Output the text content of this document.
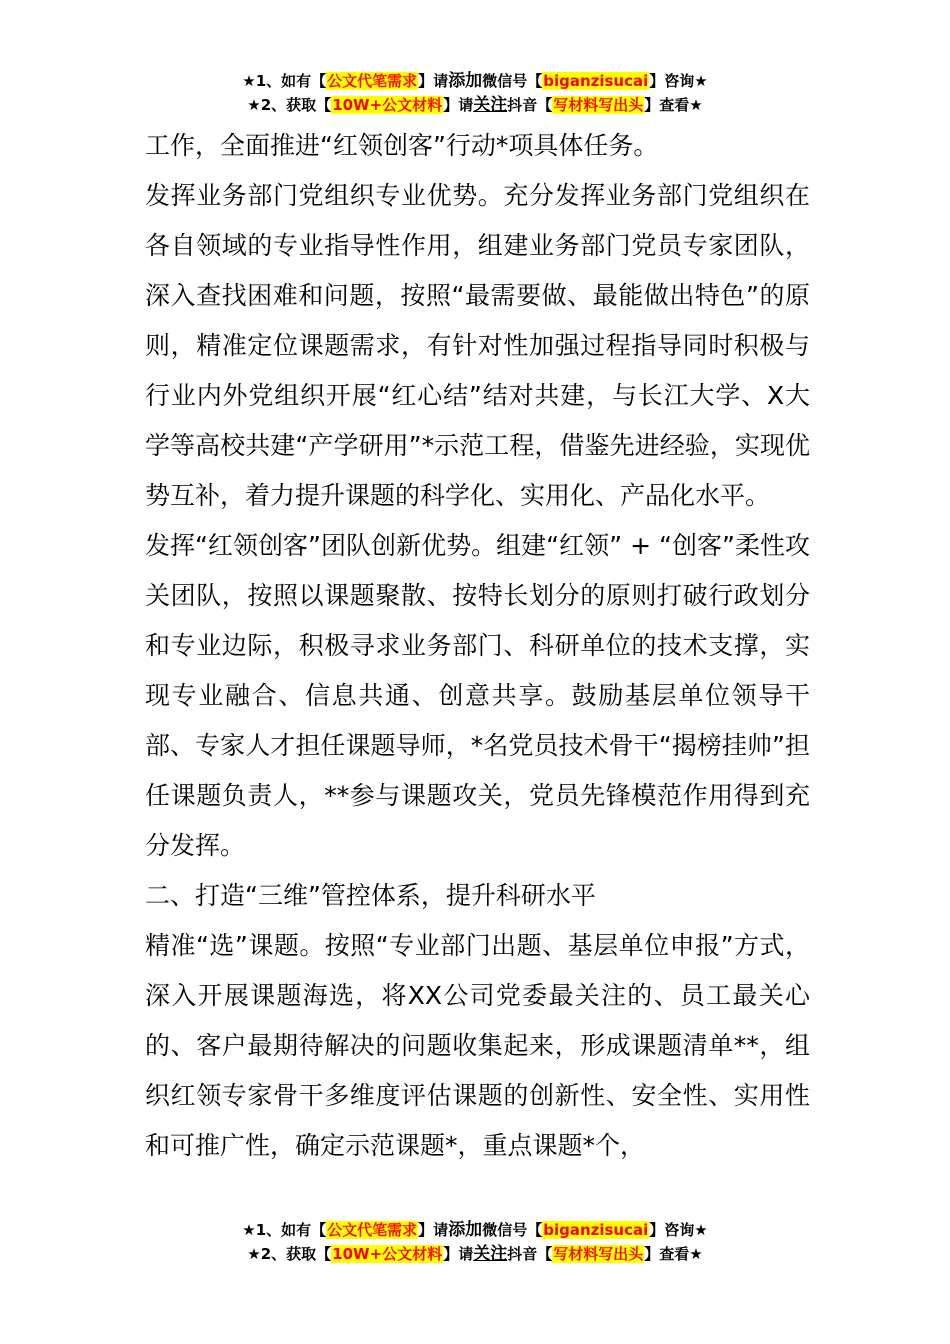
★1、如有【公文代笔需求】请添加微信号【biganzisucai】咨询★
★2、获取【10W+公文材料】请关注抖音【写材料写出头】查看★

工作，全面推进“红领创客”行动*项具体任务。

发挥业务部门党组织专业优势。充分发挥业务部门党组织在各自领域的专业指导性作用，组建业务部门党员专家团队，深入查找困难和问题，按照“最需要做、最能做出特色”的原则，精准定位课题需求，有针对性加强过程指导同时积极与行业内外党组织开展“红心结”结对共建，与长江大学、X大学等高校共建“产学研用”*示范工程，借鉴先进经验，实现优势互补，着力提升课题的科学化、实用化、产品化水平。

发挥“红领创客”团队创新优势。组建“红领” + “创客”柔性攻关团队，按照以课题聚散、按特长划分的原则打破行政划分和专业边际，积极寻求业务部门、科研单位的技术支撑，实现专业融合、信息共通、创意共享。鼓励基层单位领导干部、专家人才担任课题导师，*名党员技术骨干“揭榜挂帅”担任课题负责人，**参与课题攻关，党员先锋模范作用得到充分发挥。

二、打造“三维”管控体系，提升科研水平

精准“选”课题。按照“专业部门出题、基层单位申报”方式，深入开展课题海选，将XX公司党委最关注的、员工最关心的、客户最期待解决的问题收集起来，形成课题清单**，组织红领专家骨干多维度评估课题的创新性、安全性、实用性和可推广性，确定示范课题*，重点课题*个，

★1、如有【公文代笔需求】请添加微信号【biganzisucai】咨询★
★2、获取【10W+公文材料】请关注抖音【写材料写出头】查看★
